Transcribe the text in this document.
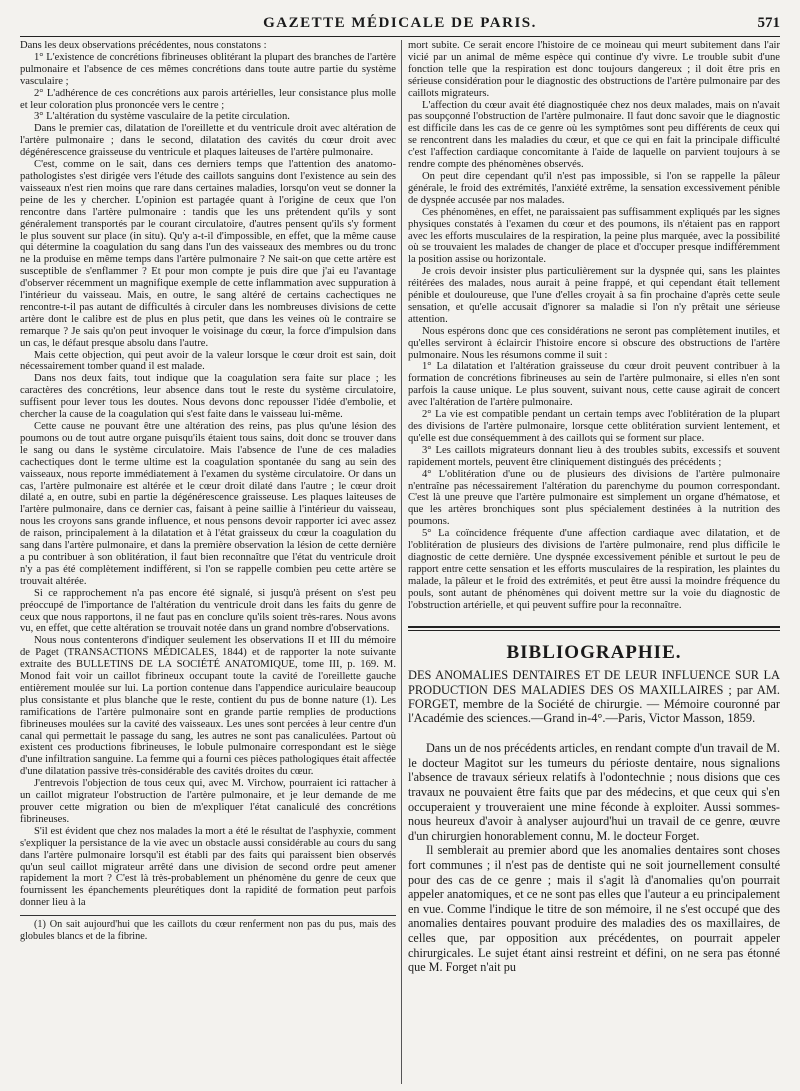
GAZETTE MÉDICALE DE PARIS.	571

Dans les deux observations précédentes, nous constatons :

1° L'existence de concrétions fibrineuses oblitérant la plupart des branches de l'artère pulmonaire et l'absence de ces mêmes concrétions dans toute autre partie du système vasculaire ;

2° L'adhérence de ces concrétions aux parois artérielles, leur consistance plus molle et leur coloration plus prononcée vers le centre ;

3° L'altération du système vasculaire de la petite circulation.

Dans le premier cas, dilatation de l'oreillette et du ventricule droit avec altération de l'artère pulmonaire ; dans le second, dilatation des cavités du cœur droit avec dégénérescence graisseuse du ventricule et plaques laiteuses de l'artère pulmonaire.

C'est, comme on le sait, dans ces derniers temps que l'attention des anatomo-pathologistes s'est dirigée vers l'étude des caillots sanguins dont l'existence au sein des vaisseaux n'est rien moins que rare dans certaines maladies, lorsqu'on veut se donner la peine de les y chercher. L'opinion est partagée quant à l'origine de ceux que l'on rencontre dans l'artère pulmonaire : tandis que les uns prétendent qu'ils y sont généralement transportés par le courant circulatoire, d'autres pensent qu'ils s'y forment le plus souvent sur place (in situ). Qu'y a-t-il d'impossible, en effet, que la même cause qui détermine la coagulation du sang dans l'un des vaisseaux des membres ou du tronc ne la produise en même temps dans l'artère pulmonaire ? Ne sait-on que cette artère est susceptible de s'enflammer ? Et pour mon compte je puis dire que j'ai eu l'avantage d'observer récemment un magnifique exemple de cette inflammation avec suppuration à l'intérieur du vaisseau. Mais, en outre, le sang altéré de certains cachectiques ne rencontre-t-il pas autant de difficultés à circuler dans les nombreuses divisions de cette artère dont le calibre est de plus en plus petit, que dans les veines où le contraire se remarque ? Je sais qu'on peut invoquer le voisinage du cœur, la force d'impulsion dans un cas, le défaut presque absolu dans l'autre.

Mais cette objection, qui peut avoir de la valeur lorsque le cœur droit est sain, doit nécessairement tomber quand il est malade.

Dans nos deux faits, tout indique que la coagulation sera faite sur place ; les caractères des concrétions, leur absence dans tout le reste du système circulatoire, suffisent pour lever tous les doutes. Nous devons donc repousser l'idée d'embolie, et chercher la cause de la coagulation qui s'est faite dans le vaisseau lui-même.

Cette cause ne pouvant être une altération des reins, pas plus qu'une lésion des poumons ou de tout autre organe puisqu'ils étaient tous sains, doit donc se trouver dans le sang ou dans le système circulatoire. Mais l'absence de l'une de ces maladies cachectiques dont le terme ultime est la coagulation spontanée du sang au sein des vaisseaux, nous reporte immédiatement à l'examen du système circulatoire. Or dans un cas, l'artère pulmonaire est altérée et le cœur droit dilaté dans l'autre ; le cœur droit dilaté a, en outre, subi en partie la dégénérescence graisseuse. Les plaques laiteuses de l'artère pulmonaire, dans ce dernier cas, faisant à peine saillie à l'intérieur du vaisseau, nous les croyons sans grande influence, et nous pensons devoir rapporter ici avec assez de raison, principalement à la dilatation et à l'état graisseux du cœur la coagulation du sang dans l'artère pulmonaire, et dans la première observation la lésion de cette dernière a pu contribuer à son oblitération, il faut bien reconnaître que l'état du ventricule droit n'y a pas été complètement indifférent, si l'on se rappelle combien peu cette artère se trouvait altérée.

Si ce rapprochement n'a pas encore été signalé, si jusqu'à présent on s'est peu préoccupé de l'importance de l'altération du ventricule droit dans les faits du genre de ceux que nous rapportons, il ne faut pas en conclure qu'ils soient très-rares. Nous avons vu, en effet, que cette altération se trouvait notée dans un grand nombre d'observations.

Nous nous contenterons d'indiquer seulement les observations II et III du mémoire de Paget (TRANSACTIONS MÉDICALES, 1844) et de rapporter la note suivante extraite des BULLETINS DE LA SOCIÉTÉ ANATOMIQUE, tome III, p. 169. M. Monod fait voir un caillot fibrineux occupant toute la cavité de l'oreillette gauche entièrement moulée sur lui. La portion contenue dans l'appendice auriculaire beaucoup plus consistante et plus blanche que le reste, contient du pus de bonne nature (1). Les ramifications de l'artère pulmonaire sont en grande partie remplies de productions fibrineuses moulées sur la cavité des vaisseaux. Les unes sont percées à leur centre d'un canal qui permettait le passage du sang, les autres ne sont pas canaliculées. Partout où existent ces productions fibrineuses, le lobule pulmonaire correspondant est le siège d'une infiltration sanguine. La femme qui a fourni ces pièces pathologiques était affectée d'une dilatation passive très-considérable des cavités droites du cœur.

J'entrevois l'objection de tous ceux qui, avec M. Virchow, pourraient ici rattacher à un caillot migrateur l'obstruction de l'artère pulmonaire, et je leur demande de me prouver cette migration ou bien de m'expliquer l'état canaliculé des concrétions fibrineuses.

S'il est évident que chez nos malades la mort a été le résultat de l'asphyxie, comment s'expliquer la persistance de la vie avec un obstacle aussi considérable au cours du sang dans l'artère pulmonaire lorsqu'il est établi par des faits qui paraissent bien observés qu'un seul caillot migrateur arrêté dans une division de second ordre peut amener rapidement la mort ? C'est là très-probablement un phénomène du genre de ceux que fournissent les épanchements pleurétiques dont la rapidité de formation peut parfois donner lieu à la

(1) On sait aujourd'hui que les caillots du cœur renferment non pas du pus, mais des globules blancs et de la fibrine.

mort subite. Ce serait encore l'histoire de ce moineau qui meurt subitement dans l'air vicié par un animal de même espèce qui continue d'y vivre. Le trouble subit d'une fonction telle que la respiration est donc toujours dangereux ; il doit être pris en sérieuse considération pour le diagnostic des obstructions de l'artère pulmonaire par des caillots migrateurs.

L'affection du cœur avait été diagnostiquée chez nos deux malades, mais on n'avait pas soupçonné l'obstruction de l'artère pulmonaire. Il faut donc savoir que le diagnostic est difficile dans les cas de ce genre où les symptômes sont peu différents de ceux qui se rencontrent dans les maladies du cœur, et que ce qui en fait la principale difficulté c'est l'affection cardiaque concomitante à l'aide de laquelle on parvient toujours à se rendre compte des phénomènes observés.

On peut dire cependant qu'il n'est pas impossible, si l'on se rappelle la pâleur générale, le froid des extrémités, l'anxiété extrême, la sensation excessivement pénible de dyspnée accusée par nos malades.

Ces phénomènes, en effet, ne paraissaient pas suffisamment expliqués par les signes physiques constatés à l'examen du cœur et des poumons, ils n'étaient pas en rapport avec les efforts musculaires de la respiration, la peine plus marquée, avec la possibilité où se trouvaient les malades de changer de place et d'occuper presque indifféremment la position assise ou horizontale.

Je crois devoir insister plus particulièrement sur la dyspnée qui, sans les plaintes réitérées des malades, nous aurait à peine frappé, et qui cependant était tellement pénible et douloureuse, que l'une d'elles croyait à sa fin prochaine d'après cette seule sensation, et qu'elle accusait d'ignorer sa maladie si l'on n'y prêtait une sérieuse attention.

Nous espérons donc que ces considérations ne seront pas complètement inutiles, et qu'elles serviront à éclaircir l'histoire encore si obscure des obstructions de l'artère pulmonaire. Nous les résumons comme il suit :

1° La dilatation et l'altération graisseuse du cœur droit peuvent contribuer à la formation de concrétions fibrineuses au sein de l'artère pulmonaire, si elles n'en sont parfois la cause unique. Le plus souvent, suivant nous, cette cause agirait de concert avec l'altération de l'artère pulmonaire.

2° La vie est compatible pendant un certain temps avec l'oblitération de la plupart des divisions de l'artère pulmonaire, lorsque cette oblitération survient lentement, et qu'elle est due conséquemment à des caillots qui se forment sur place.

3° Les caillots migrateurs donnant lieu à des troubles subits, excessifs et souvent rapidement mortels, peuvent être cliniquement distingués des précédents ;

4° L'oblitération d'une ou de plusieurs des divisions de l'artère pulmonaire n'entraîne pas nécessairement l'altération du parenchyme du poumon correspondant. C'est là une preuve que l'artère pulmonaire est simplement un organe d'hématose, et que les artères bronchiques sont plus spécialement destinées à la nutrition des poumons.

5° La coïncidence fréquente d'une affection cardiaque avec dilatation, et de l'oblitération de plusieurs des divisions de l'artère pulmonaire, rend plus difficile le diagnostic de cette dernière. Une dyspnée excessivement pénible et surtout le peu de rapport entre cette sensation et les efforts musculaires de la respiration, les plaintes du malade, la pâleur et le froid des extrémités, et peut être aussi la moindre fréquence du pouls, sont autant de phénomènes qui doivent mettre sur la voie du diagnostic de l'obstruction artérielle, et qui peuvent suffire pour la reconnaître.

BIBLIOGRAPHIE.

DES ANOMALIES DENTAIRES ET DE LEUR INFLUENCE SUR LA PRODUCTION DES MALADIES DES OS MAXILLAIRES ; par AM. FORGET, membre de la Société de chirurgie. — Mémoire couronné par l'Académie des sciences.—Grand in-4°.—Paris, Victor Masson, 1859.

Dans un de nos précédents articles, en rendant compte d'un travail de M. le docteur Magitot sur les tumeurs du périoste dentaire, nous signalions l'absence de travaux sérieux relatifs à l'odontechnie ; nous disions que ces travaux ne pouvaient être faits que par des médecins, et que ceux qui s'en occuperaient y trouveraient une mine féconde à exploiter. Aussi sommes-nous heureux d'avoir à analyser aujourd'hui un travail de ce genre, œuvre d'un chirurgien honorablement connu, M. le docteur Forget.

Il semblerait au premier abord que les anomalies dentaires sont choses fort communes ; il n'est pas de dentiste qui ne soit journellement consulté pour des cas de ce genre ; mais il s'agit là d'anomalies qu'on pourrait appeler anatomiques, et ce ne sont pas elles que l'auteur a eu principalement en vue. Comme l'indique le titre de son mémoire, il ne s'est occupé que des anomalies dentaires pouvant produire des maladies des os maxillaires, de celles que, par opposition aux précédentes, on pourrait appeler chirurgicales. Le sujet étant ainsi restreint et défini, on ne sera pas étonné que M. Forget n'ait pu
